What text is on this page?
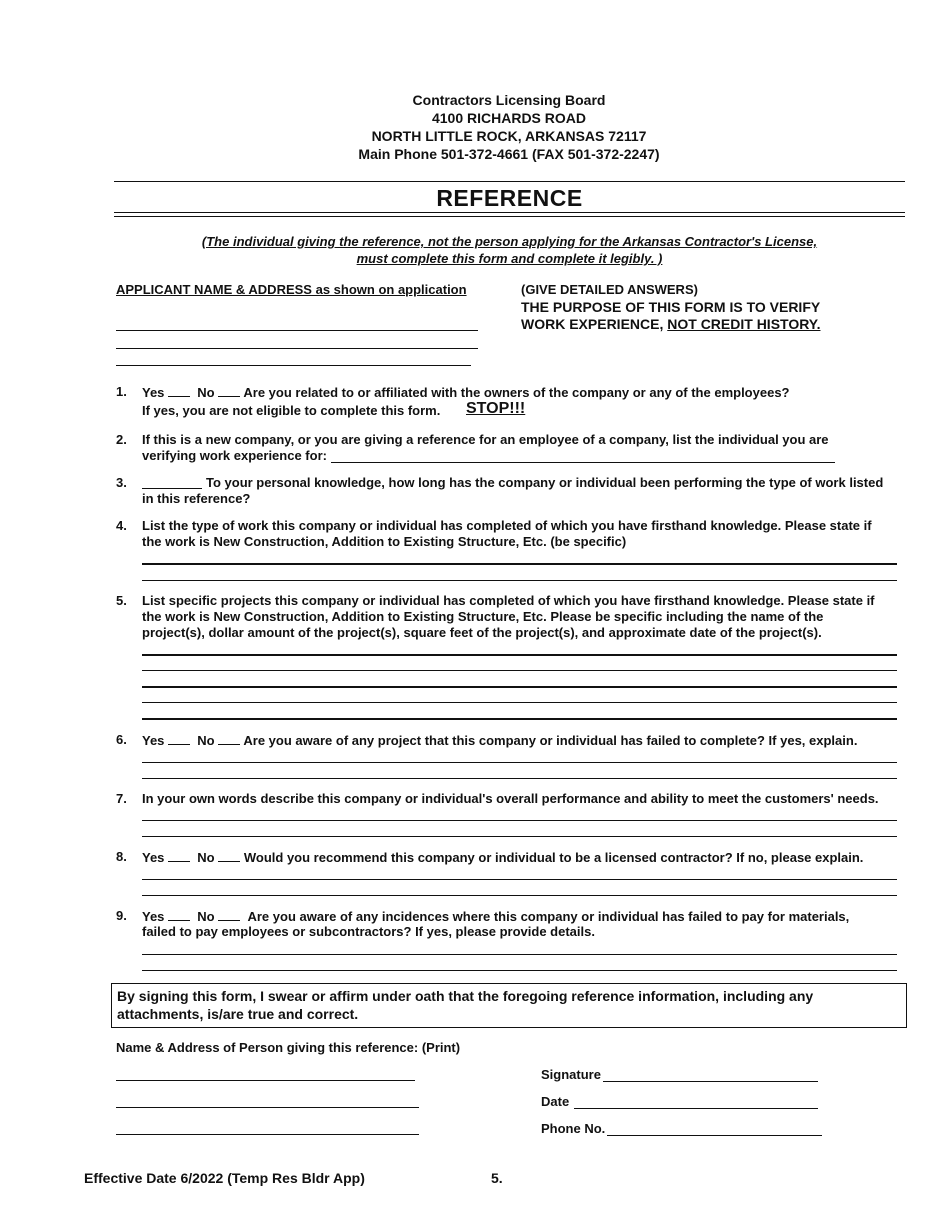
Contractors Licensing Board
4100 RICHARDS ROAD
NORTH LITTLE ROCK, ARKANSAS 72117
Main Phone 501-372-4661 (FAX 501-372-2247)
REFERENCE
(The individual giving the reference, not the person applying for the Arkansas Contractor's License,
must complete this form and complete it legibly. )
APPLICANT NAME & ADDRESS as shown on application	(GIVE DETAILED ANSWERS)
THE PURPOSE OF THIS FORM IS TO VERIFY
WORK EXPERIENCE, NOT CREDIT HISTORY.
1. Yes	No Are you related to or affiliated with the owners of the company or any of the employees?
If yes, you are not eligible to complete this form. STOP!!!
2. If this is a new company, or you are giving a reference for an employee of a company, list the individual you are
verifying work experience for:
3.	To your personal knowledge, how long has the company or individual been performing the type of work listed
in this reference?
4. List the type of work this company or individual has completed of which you have firsthand knowledge. Please state if
the work is New Construction, Addition to Existing Structure, Etc. (be specific)
5. List specific projects this company or individual has completed of which you have firsthand knowledge. Please state if
the work is New Construction, Addition to Existing Structure, Etc. Please be specific including the name of the
project(s), dollar amount of the project(s), square feet of the project(s), and approximate date of the project(s).
6. Yes	No Are you aware of any project that this company or individual has failed to complete? If yes, explain.
7. In your own words describe this company or individual's overall performance and ability to meet the customers' needs.
8. Yes	No Would you recommend this company or individual to be a licensed contractor? If no, please explain.
9. Yes	No	Are you aware of any incidences where this company or individual has failed to pay for materials,
failed to pay employees or subcontractors? If yes, please provide details.
By signing this form, I swear or affirm under oath that the foregoing reference information, including any
attachments, is/are true and correct.
Name & Address of Person giving this reference: (Print)
Signature
Date
Phone No.
Effective Date 6/2022 (Temp Res Bldr App)	5.
